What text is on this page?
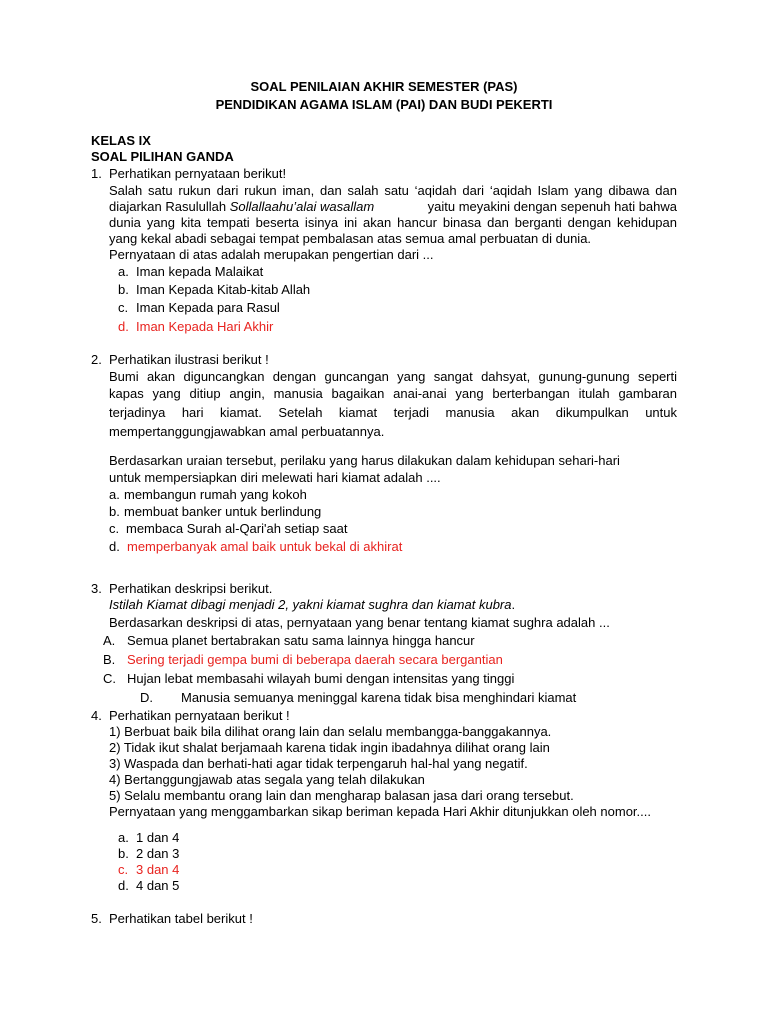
SOAL PENILAIAN AKHIR SEMESTER (PAS)
PENDIDIKAN AGAMA ISLAM (PAI) DAN BUDI PEKERTI
KELAS IX
SOAL PILIHAN GANDA
1. Perhatikan pernyataan berikut!
Salah satu rukun dari rukun iman, dan salah satu ‘aqidah dari ‘aqidah Islam yang dibawa dan
diajarkan Rasulullah Sollallaahu’alai wasallam	yaitu meyakini dengan sepenuh hati bahwa
dunia yang kita tempati beserta isinya ini akan hancur binasa dan berganti dengan kehidupan
yang kekal abadi sebagai tempat pembalasan atas semua amal perbuatan di dunia.
Pernyataan di atas adalah merupakan pengertian dari ...
a. Iman kepada Malaikat
b. Iman Kepada Kitab-kitab Allah
c. Iman Kepada para Rasul
d. Iman Kepada Hari Akhir
2. Perhatikan ilustrasi berikut !
Bumi akan diguncangkan dengan guncangan yang sangat dahsyat, gunung-gunung seperti
kapas yang ditiup angin, manusia bagaikan anai-anai yang berterbangan itulah gambaran
terjadinya hari kiamat. Setelah kiamat terjadi manusia akan dikumpulkan untuk
mempertanggungjawabkan amal perbuatannya.
Berdasarkan uraian tersebut, perilaku yang harus dilakukan dalam kehidupan sehari-hari
untuk mempersiapkan diri melewati hari kiamat adalah ....
a. membangun rumah yang kokoh
b. membuat banker untuk berlindung
c. membaca Surah al-Qari'ah setiap saat
d. memperbanyak amal baik untuk bekal di akhirat
3. Perhatikan deskripsi berikut.
Istilah Kiamat dibagi menjadi 2, yakni kiamat sughra dan kiamat kubra.
Berdasarkan deskripsi di atas, pernyataan yang benar tentang kiamat sughra adalah ...
A. Semua planet bertabrakan satu sama lainnya hingga hancur
B. Sering terjadi gempa bumi di beberapa daerah secara bergantian
C. Hujan lebat membasahi wilayah bumi dengan intensitas yang tinggi
D. Manusia semuanya meninggal karena tidak bisa menghindari kiamat
4. Perhatikan pernyataan berikut !
1) Berbuat baik bila dilihat orang lain dan selalu membangga-banggakannya.
2) Tidak ikut shalat berjamaah karena tidak ingin ibadahnya dilihat orang lain
3) Waspada dan berhati-hati agar tidak terpengaruh hal-hal yang negatif.
4) Bertanggungjawab atas segala yang telah dilakukan
5) Selalu membantu orang lain dan mengharap balasan jasa dari orang tersebut.
Pernyataan yang menggambarkan sikap beriman kepada Hari Akhir ditunjukkan oleh nomor....
a. 1 dan 4
b. 2 dan 3
c. 3 dan 4
d. 4 dan 5
5. Perhatikan tabel berikut !
